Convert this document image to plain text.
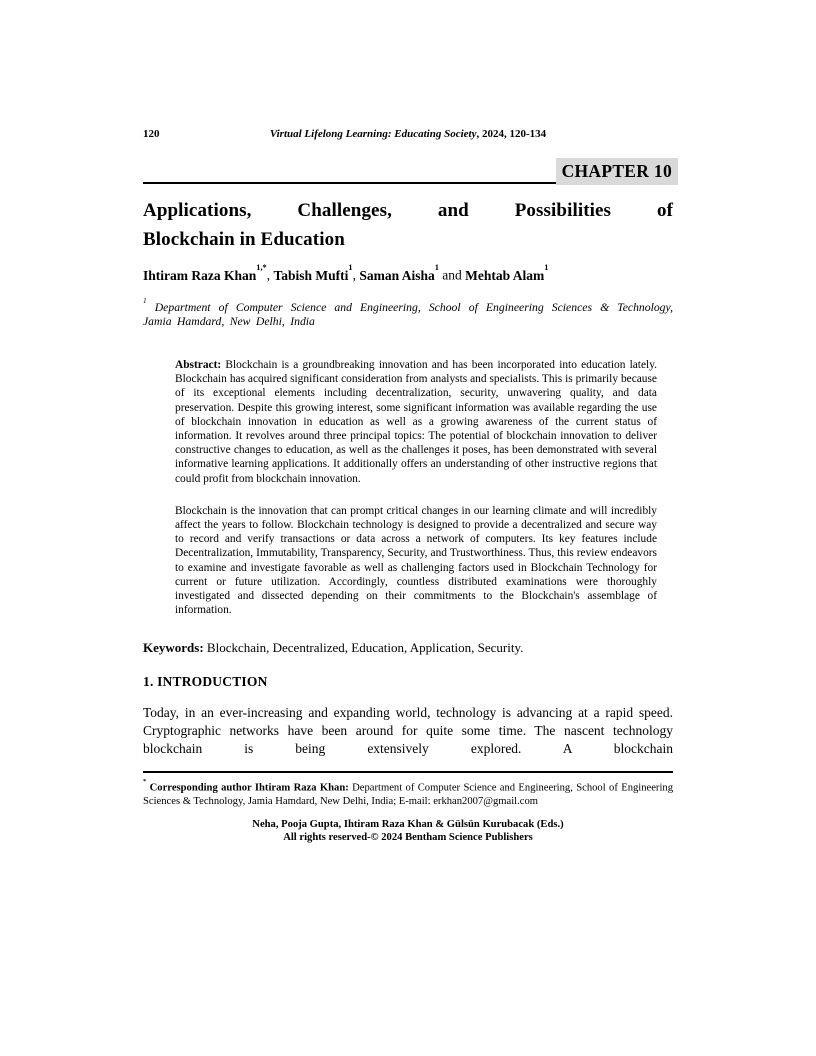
120	Virtual Lifelong Learning: Educating Society, 2024, 120-134
CHAPTER 10
Applications, Challenges, and Possibilities of
Blockchain in Education

Ihtiram Raza Khan$^{1,*}$, Tabish Mufti$^1$, Saman Aisha$^1$ and Mehtab Alam$^1$

$^1$ Department of Computer Science and Engineering, School of Engineering Sciences & Technology, Jamia Hamdard, New Delhi, India

Abstract: Blockchain is a groundbreaking innovation and has been incorporated into education lately. Blockchain has acquired significant consideration from analysts and specialists. This is primarily because of its exceptional elements including decentralization, security, unwavering quality, and data preservation. Despite this growing interest, some significant information was available regarding the use of blockchain innovation in education as well as a growing awareness of the current status of information. It revolves around three principal topics: The potential of blockchain innovation to deliver constructive changes to education, as well as the challenges it poses, has been demonstrated with several informative learning applications. It additionally offers an understanding of other instructive regions that could profit from blockchain innovation.

Blockchain is the innovation that can prompt critical changes in our learning climate and will incredibly affect the years to follow. Blockchain technology is designed to provide a decentralized and secure way to record and verify transactions or data across a network of computers. Its key features include Decentralization, Immutability, Transparency, Security, and Trustworthiness. Thus, this review endeavors to examine and investigate favorable as well as challenging factors used in Blockchain Technology for current or future utilization. Accordingly, countless distributed examinations were thoroughly investigated and dissected depending on their commitments to the Blockchain's assemblage of information.

Keywords: Blockchain, Decentralized, Education, Application, Security.

1. INTRODUCTION

Today, in an ever-increasing and expanding world, technology is advancing at a rapid speed. Cryptographic networks have been around for quite some time. The nascent technology blockchain is being extensively explored. A blockchain

* Corresponding author Ihtiram Raza Khan: Department of Computer Science and Engineering, School of Engineering Sciences & Technology, Jamia Hamdard, New Delhi, India; E-mail: erkhan2007@gmail.com
Neha, Pooja Gupta, Ihtiram Raza Khan & Gülsün Kurubacak (Eds.)
All rights reserved-© 2024 Bentham Science Publishers
